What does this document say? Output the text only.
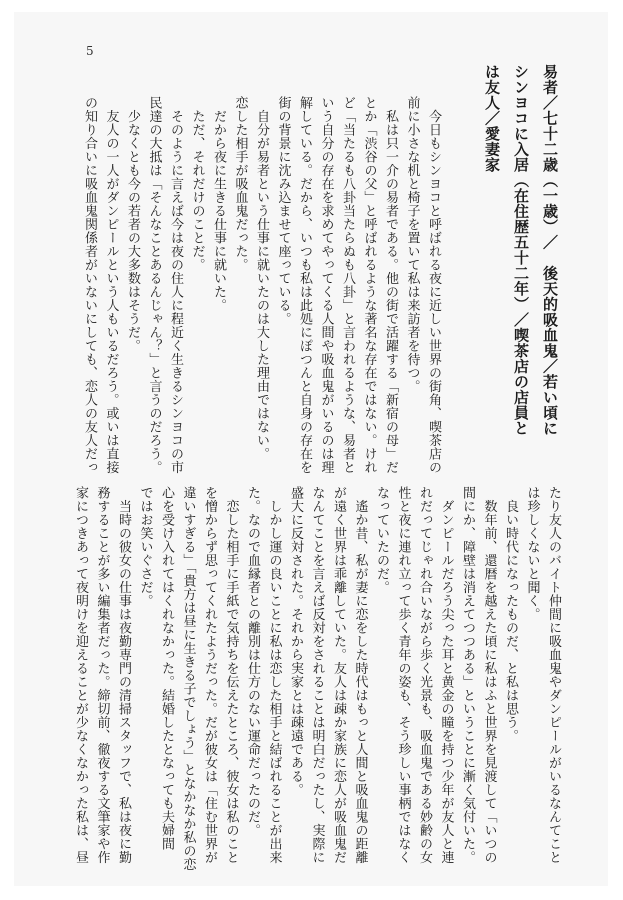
5
易者／七十二歳（一歳）／　後天的吸血鬼／若い頃に
シンヨコに入居（在住歴五十二年）／喫茶店の店員と
は友人／愛妻家
　今日もシンヨコと呼ばれる夜に近しい世界の街角、喫茶店の
前に小さな机と椅子を置いて私は来訪者を待つ。
　私は只一介の易者である。他の街で活躍する「新宿の母」だ
とか「渋谷の父」と呼ばれるような著名な存在ではない。けれ
ど「当たるも八卦当たらぬも八卦」と言われるような、易者と
いう自分の存在を求めてやってくる人間や吸血鬼がいるのは理
解している。だから、いつも私は此処にぽつんと自身の存在を
街の背景に沈み込ませて座っている。
　自分が易者という仕事に就いたのは大した理由ではない。
恋した相手が吸血鬼だった。
　だから夜に生きる仕事に就いた。
　ただ、それだけのことだ。
　そのように言えば今は夜の住人に程近く生きるシンヨコの市
民達の大抵は「そんなことあるんじゃん？」と言うのだろう。
　少なくとも今の若者の大多数はそうだ。
　友人の一人がダンピールという人もいるだろう。或いは直接
の知り合いに吸血鬼関係者がいないにしても、恋人の友人だっ
たり友人のバイト仲間に吸血鬼やダンピールがいるなんてこと
は珍しくないと聞く。
　良い時代になったものだ、と私は思う。
　数年前、還暦を越えた頃に私はふと世界を見渡して「いつの
間にか、障壁は消えてつつある」ということに漸く気付いた。
　ダンピールだろう尖った耳と黄金の瞳を持つ少年が友人と連
れだってじゃれ合いながら歩く光景も、吸血鬼である妙齢の女
性と夜に連れ立って歩く青年の姿も、そう珍しい事柄ではなく
なっていたのだ。
　遙か昔、私が妻に恋をした時代はもっと人間と吸血鬼の距離
が遠く世界は乖離していた。友人は疎か家族に恋人が吸血鬼だ
なんてことを言えば反対をされることは明白だったし、実際に
盛大に反対された。それから実家とは疎遠である。
　しかし運の良いことに私は恋した相手と結ばれることが出来
た。なので血縁者との離別は仕方のない運命だったのだ。
　恋した相手に手紙で気持ちを伝えたところ、彼女は私のこと
を憎からず思ってくれたようだった。だが彼女は「住む世界が
違いすぎる」「貴方は昼に生きる子でしょう」となかなか私の恋
心を受け入れてはくれなかった。結婚したとなっても夫婦間
ではお笑いぐさだ。
　当時の彼女の仕事は夜勤専門の清掃スタッフで、私は夜に勤
務することが多い編集者だった。締切前、徹夜する文筆家や作
家につきあって夜明けを迎えることが少なくなかった私は、昼
